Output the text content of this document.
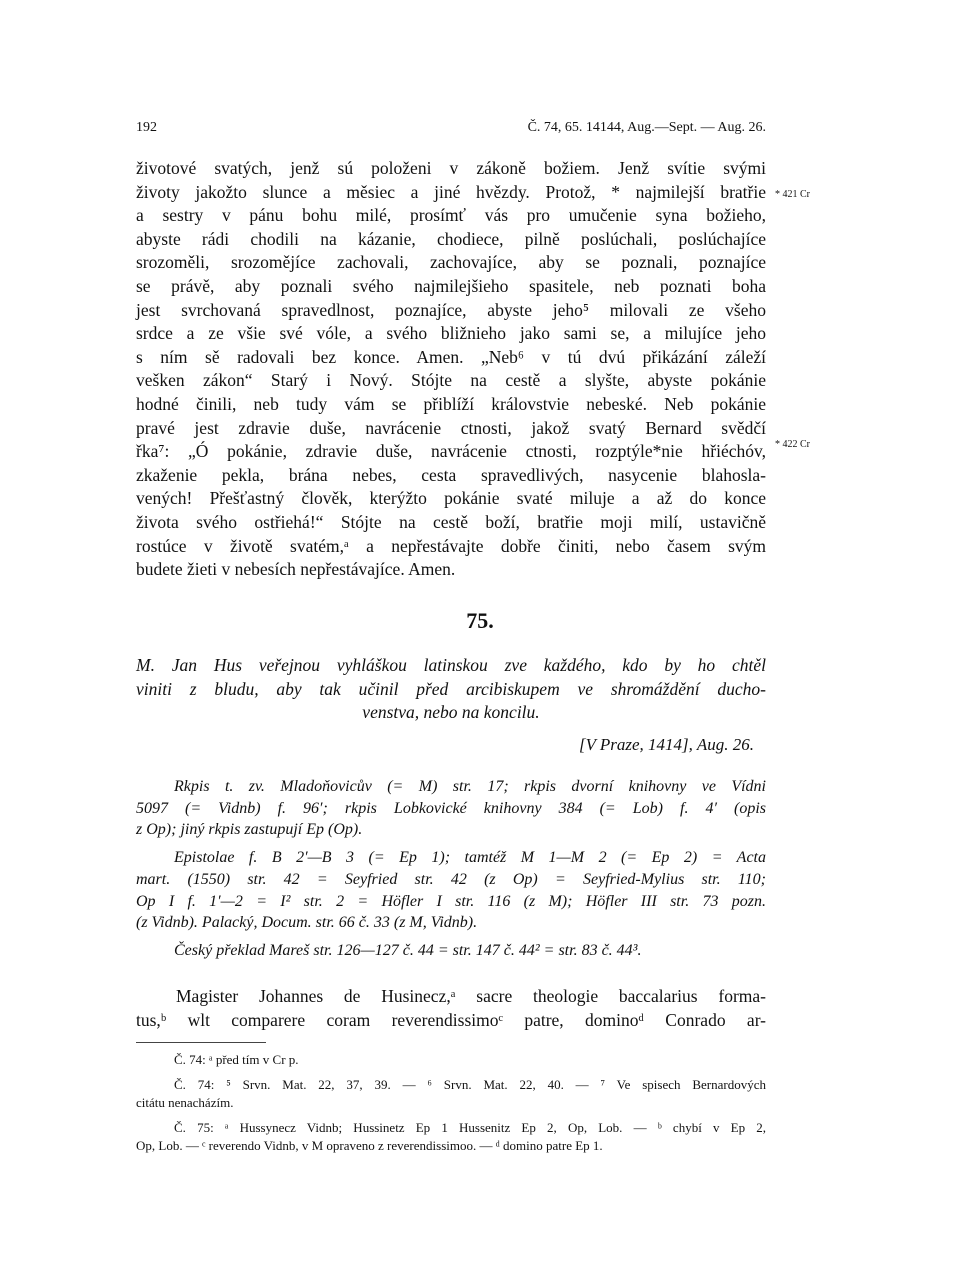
192	Č. 74, 65. 14144, Aug.—Sept. — Aug. 26.
životové svatých, jenž sú položeni v zákoně božiem. Jenž svítie svými
životy jakožto slunce a měsiec a jiné hvězdy. Protož, * najmilejší bratřie
a sestry v pánu bohu milé, prosímť vás pro umučenie syna božieho,
abyste rádi chodili na kázanie, chodiece, pilně poslúchali, poslúchajíce
srozoměli, srozomějíce zachovali, zachovajíce, aby se poznali, poznajíce
se právě, aby poznali svého najmilejšieho spasitele, neb poznati boha
jest svrchovaná spravedlnost, poznajíce, abyste jeho⁵ milovali ze všeho
srdce a ze všie své vóle, a svého bližnieho jako sami se, a milujíce jeho
s ním sě radovali bez konce. Amen. „Neb⁶ v tú dvú přikázání záleží
vešken zákon“ Starý i Nový. Stójte na cestě a slyšte, abyste pokánie
hodné činili, neb tudy vám se přiblíží královstvie nebeské. Neb pokánie
pravé jest zdravie duše, navrácenie ctnosti, jakož svatý Bernard svědčí
řka⁷: „Ó pokánie, zdravie duše, navrácenie ctnosti, rozptýle*nie hřiéchóv,
zkaženie pekla, brána nebes, cesta spravedlivých, nasycenie blahosla-
vených! Přešťastný člověk, kterýžto pokánie svaté miluje a až do konce
života svého ostřiehá!“ Stójte na cestě boží, bratřie moji milí, ustavičně
rostúce v životě svatém,ᵃ a nepřestávajte dobře činiti, nebo časem svým
budete žieti v nebesích nepřestávajíce. Amen.
* 421 Cr
* 422 Cr
75.
M. Jan Hus veřejnou vyhláškou latinskou zve každého, kdo by ho chtěl
viniti z bludu, aby tak učinil před arcibiskupem ve shromáždění ducho-
venstva, nebo na koncilu.
[V Praze, 1414], Aug. 26.
Rkpis t. zv. Mladoňovicův (= M) str. 17; rkpis dvorní knihovny ve Vídni
5097 (= Vidnb) f. 96′; rkpis Lobkovické knihovny 384 (= Lob) f. 4′ (opis
z Op); jiný rkpis zastupují Ep (Op).
Epistolae f. B 2′—B 3 (= Ep 1); tamtéž M 1—M 2 (= Ep 2) = Acta
mart. (1550) str. 42 = Seyfried str. 42 (z Op) = Seyfried-Mylius str. 110;
Op I f. 1′—2 = I² str. 2 = Höfler I str. 116 (z M); Höfler III str. 73 pozn.
(z Vidnb). Palacký, Docum. str. 66 č. 33 (z M, Vidnb).
Český překlad Mareš str. 126—127 č. 44 = str. 147 č. 44² = str. 83 č. 44³.
Magister Johannes de Husinecz,ᵃ sacre theologie baccalarius forma-
tus,ᵇ wlt comparere coram reverendissimoᶜ patre, dominoᵈ Conrado ar-
Č. 74: ᵃ před tím v Cr p.
Č. 74: ⁵ Srvn. Mat. 22, 37, 39. — ⁶ Srvn. Mat. 22, 40. — ⁷ Ve spisech Bernardových
citátu nenacházím.
Č. 75: ᵃ Hussynecz Vidnb; Hussinetz Ep 1 Hussenitz Ep 2, Op, Lob. — ᵇ chybí v Ep 2,
Op, Lob. — ᶜ reverendo Vidnb, v M opraveno z reverendissimoo. — ᵈ domino patre Ep 1.
